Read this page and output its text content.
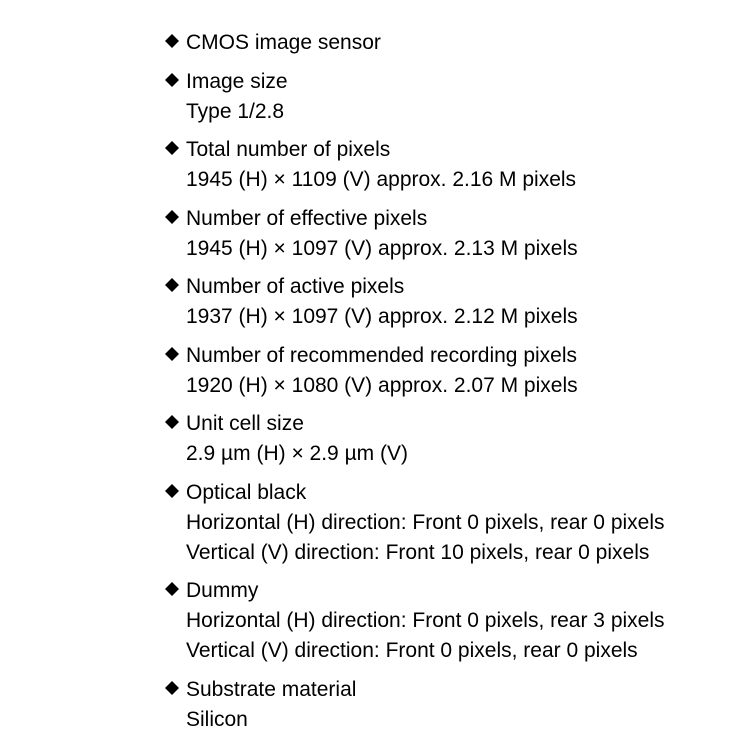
CMOS image sensor
Image size
Type 1/2.8
Total number of pixels
1945 (H) × 1109 (V) approx. 2.16 M pixels
Number of effective pixels
1945 (H) × 1097 (V) approx. 2.13 M pixels
Number of active pixels
1937 (H) × 1097 (V) approx. 2.12 M pixels
Number of recommended recording pixels
1920 (H) × 1080 (V) approx. 2.07 M pixels
Unit cell size
2.9 µm (H) × 2.9 µm (V)
Optical black
Horizontal (H) direction: Front 0 pixels, rear 0 pixels
Vertical (V) direction: Front 10 pixels, rear 0 pixels
Dummy
Horizontal (H) direction: Front 0 pixels, rear 3 pixels
Vertical (V) direction: Front 0 pixels, rear 0 pixels
Substrate material
Silicon
